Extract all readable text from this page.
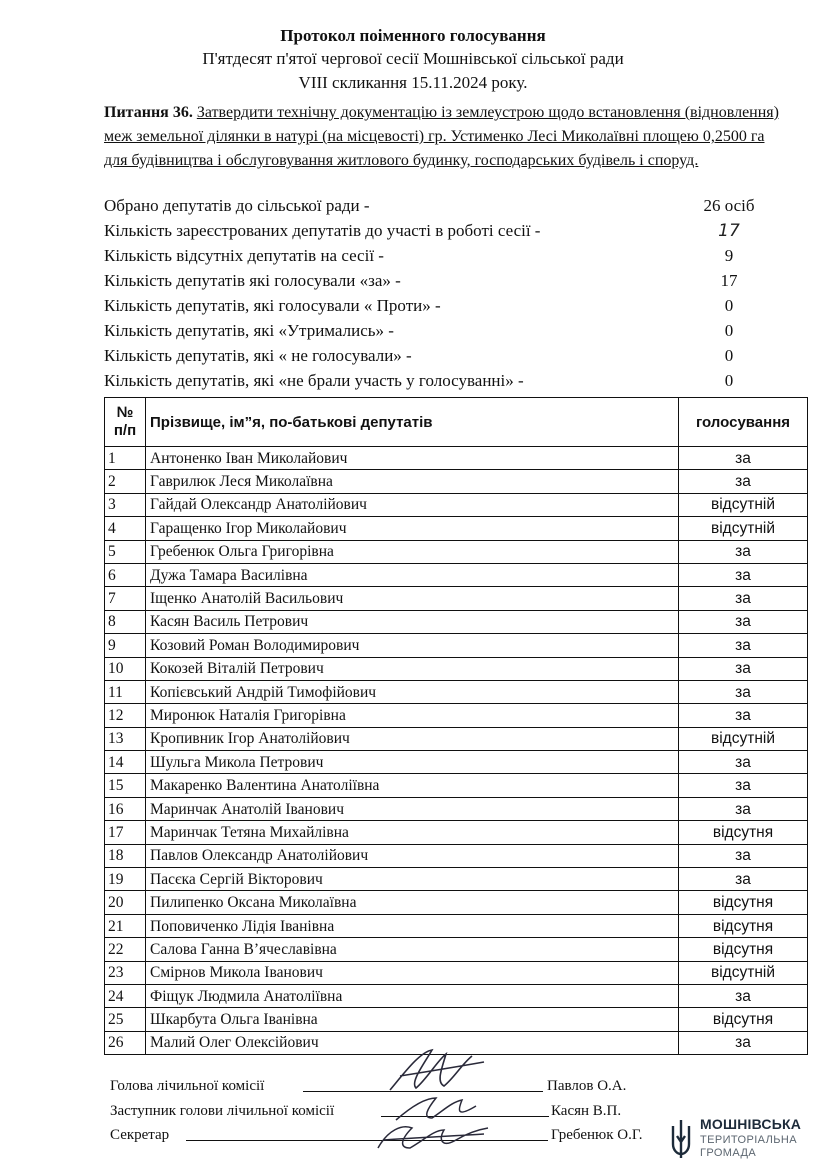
Протокол поіменного голосування
П'ятдесят п'ятої чергової сесії Мошнівської сільської ради
VIII скликання 15.11.2024 року.
Питання 36. Затвердити технічну документацію із землеустрою щодо встановлення (відновлення) меж земельної ділянки в натурі (на місцевості) гр. Устименко Лесі Миколаївні площею 0,2500 га для будівництва і обслуговування житлового будинку, господарських будівель і споруд.
Обрано депутатів до сільської ради -	26 осіб
Кількість зареєстрованих депутатів до участі в роботі сесії -	17
Кількість відсутніх депутатів на сесії -	9
Кількість депутатів які голосували «за» -	17
Кількість депутатів, які голосували « Проти» -	0
Кількість депутатів, які «Утримались» -	0
Кількість депутатів, які « не голосували» -	0
Кількість депутатів, які «не брали участь у голосуванні» -	0
№ п/п	Прізвище, ім”я, по-батькові депутатів	голосування
1	Антоненко Іван Миколайович	за
2	Гаврилюк Леся Миколаївна	за
3	Гайдай Олександр Анатолійович	відсутній
4	Гаращенко Ігор Миколайович	відсутній
5	Гребенюк Ольга Григорівна	за
6	Дужа Тамара Василівна	за
7	Іщенко Анатолій Васильович	за
8	Касян Василь Петрович	за
9	Козовий Роман Володимирович	за
10	Кокозей Віталій Петрович	за
11	Копієвський Андрій Тимофійович	за
12	Миронюк Наталія Григорівна	за
13	Кропивник Ігор Анатолійович	відсутній
14	Шульга Микола Петрович	за
15	Макаренко Валентина Анатоліївна	за
16	Маринчак Анатолій Іванович	за
17	Маринчак Тетяна Михайлівна	відсутня
18	Павлов Олександр Анатолійович	за
19	Пасєка Сергій Вікторович	за
20	Пилипенко Оксана Миколаївна	відсутня
21	Поповиченко Лідія Іванівна	відсутня
22	Салова Ганна В’ячеславівна	відсутня
23	Смірнов Микола Іванович	відсутній
24	Фіщук Людмила Анатоліївна	за
25	Шкарбута Ольга Іванівна	відсутня
26	Малий Олег Олексійович	за
Голова лічильної комісії	Павлов О.А.
Заступник голови лічильної комісії	Касян В.П.
Секретар	Гребенюк О.Г.
МОШНІВСЬКА
ТЕРИТОРІАЛЬНА
ГРОМАДА
